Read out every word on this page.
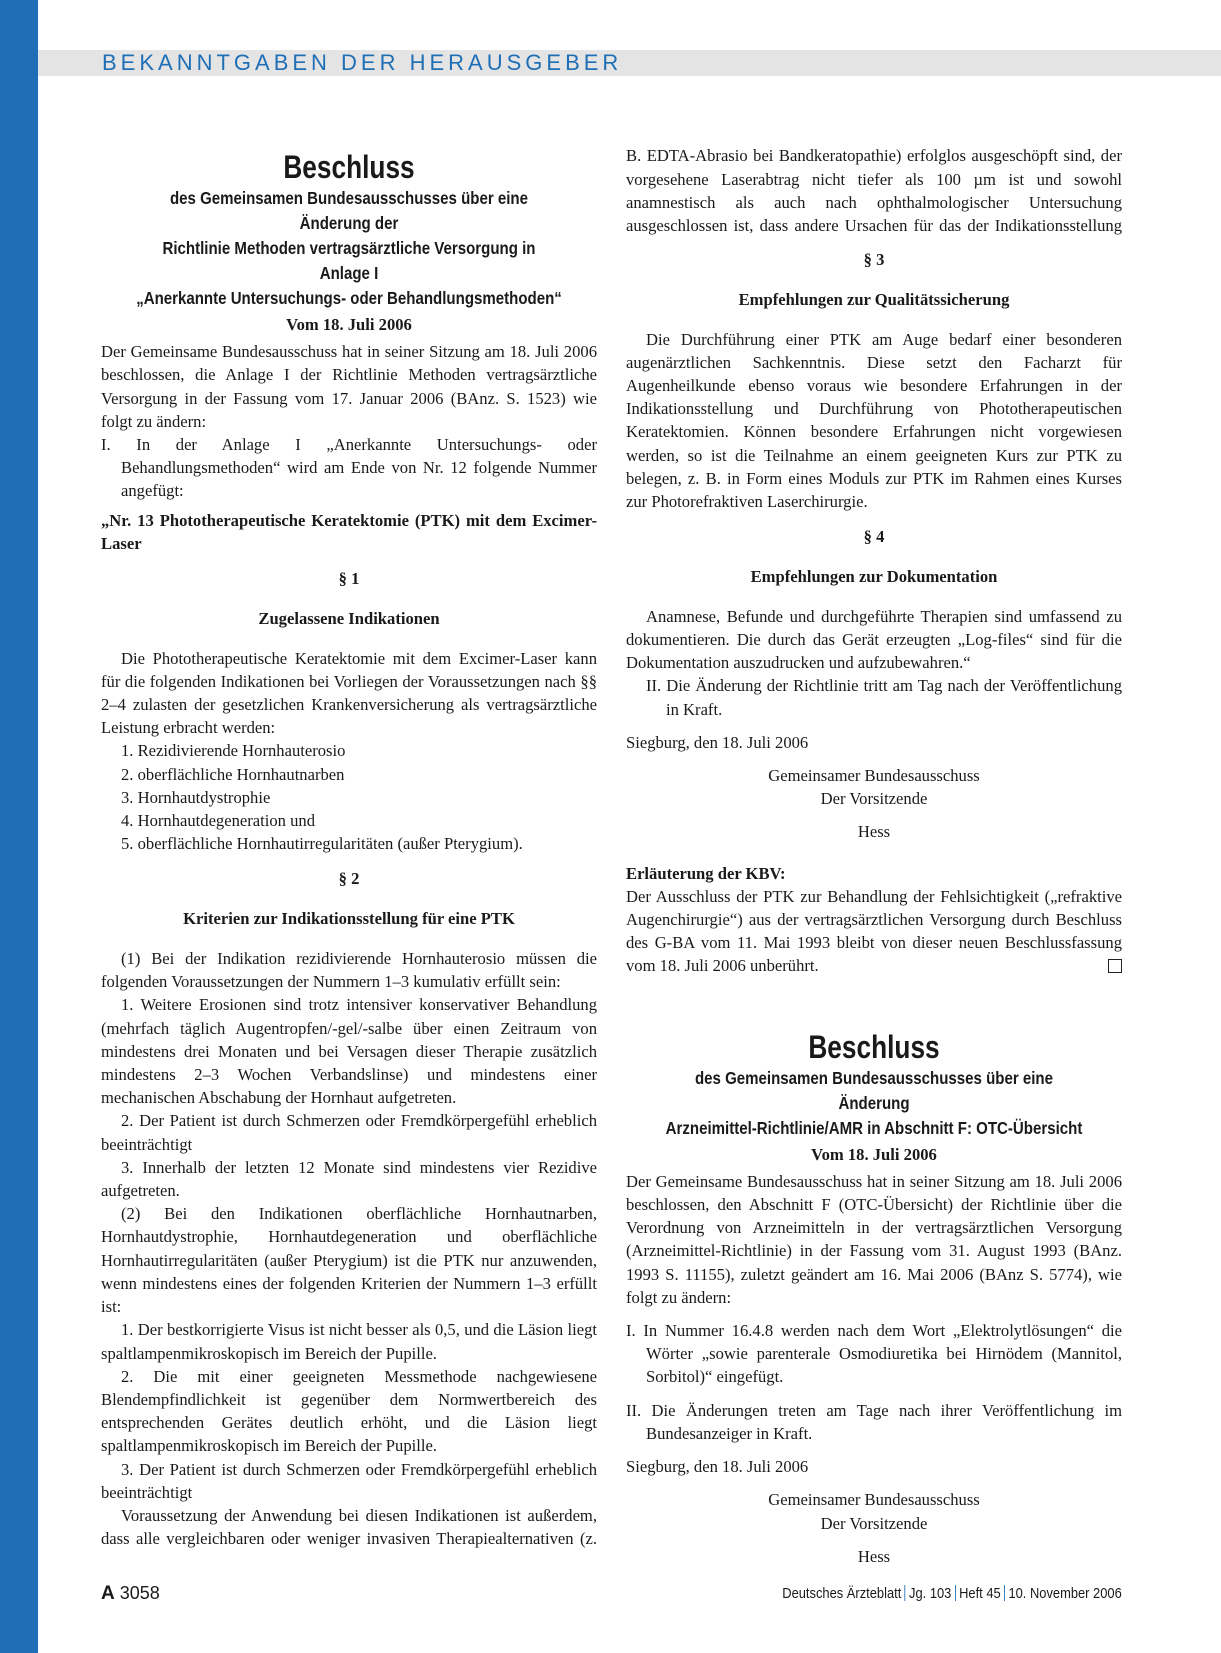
BEKANNTGABEN DER HERAUSGEBER

Beschluss

des Gemeinsamen Bundesausschusses über eine Änderung der

Richtlinie Methoden vertragsärztliche Versorgung in Anlage I

„Anerkannte Untersuchungs- oder Behandlungsmethoden“

Vom 18. Juli 2006

Der Gemeinsame Bundesausschuss hat in seiner Sitzung am 18. Juli 2006 beschlossen, die Anlage I der Richtlinie Methoden vertragsärztliche Versorgung in der Fassung vom 17. Januar 2006 (BAnz. S. 1523) wie folgt zu ändern:

I. In der Anlage I „Anerkannte Untersuchungs- oder Behandlungsmethoden“ wird am Ende von Nr. 12 folgende Nummer angefügt:

„Nr. 13 Phototherapeutische Keratektomie (PTK) mit dem Excimer-Laser

§ 1

Zugelassene Indikationen

Die Phototherapeutische Keratektomie mit dem Excimer-Laser kann für die folgenden Indikationen bei Vorliegen der Voraussetzungen nach §§ 2–4 zulasten der gesetzlichen Krankenversicherung als vertragsärztliche Leistung erbracht werden:

1. Rezidivierende Hornhauterosio

2. oberflächliche Hornhautnarben

3. Hornhautdystrophie

4. Hornhautdegeneration und

5. oberflächliche Hornhautirregularitäten (außer Pterygium).

§ 2

Kriterien zur Indikationsstellung für eine PTK

(1) Bei der Indikation rezidivierende Hornhauterosio müssen die folgenden Voraussetzungen der Nummern 1–3 kumulativ erfüllt sein:

1. Weitere Erosionen sind trotz intensiver konservativer Behandlung (mehrfach täglich Augentropfen/-gel/-salbe über einen Zeitraum von mindestens drei Monaten und bei Versagen dieser Therapie zusätzlich mindestens 2–3 Wochen Verbandslinse) und mindestens einer mechanischen Abschabung der Hornhaut aufgetreten.

2. Der Patient ist durch Schmerzen oder Fremdkörpergefühl erheblich beeinträchtigt

3. Innerhalb der letzten 12 Monate sind mindestens vier Rezidive aufgetreten.

(2) Bei den Indikationen oberflächliche Hornhautnarben, Hornhautdystrophie, Hornhautdegeneration und oberflächliche Hornhautirregularitäten (außer Pterygium) ist die PTK nur anzuwenden, wenn mindestens eines der folgenden Kriterien der Nummern 1–3 erfüllt ist:

1. Der bestkorrigierte Visus ist nicht besser als 0,5, und die Läsion liegt spaltlampenmikroskopisch im Bereich der Pupille.

2. Die mit einer geeigneten Messmethode nachgewiesene Blendempfindlichkeit ist gegenüber dem Normwertbereich des entsprechenden Gerätes deutlich erhöht, und die Läsion liegt spaltlampenmikroskopisch im Bereich der Pupille.

3. Der Patient ist durch Schmerzen oder Fremdkörpergefühl erheblich beeinträchtigt

Voraussetzung der Anwendung bei diesen Indikationen ist außerdem, dass alle vergleichbaren oder weniger invasiven Therapiealternativen (z.

B. EDTA-Abrasio bei Bandkeratopathie) erfolglos ausgeschöpft sind, der vorgesehene Laserabtrag nicht tiefer als 100 µm ist und sowohl anamnestisch als auch nach ophthalmologischer Untersuchung ausgeschlossen ist, dass andere Ursachen für das der Indikationsstellung

§ 3

Empfehlungen zur Qualitätssicherung

Die Durchführung einer PTK am Auge bedarf einer besonderen augenärztlichen Sachkenntnis. Diese setzt den Facharzt für Augenheilkunde ebenso voraus wie besondere Erfahrungen in der Indikationsstellung und Durchführung von Phototherapeutischen Keratektomien. Können besondere Erfahrungen nicht vorgewiesen werden, so ist die Teilnahme an einem geeigneten Kurs zur PTK zu belegen, z. B. in Form eines Moduls zur PTK im Rahmen eines Kurses zur Photorefraktiven Laserchirurgie.

§ 4

Empfehlungen zur Dokumentation

Anamnese, Befunde und durchgeführte Therapien sind umfassend zu dokumentieren. Die durch das Gerät erzeugten „Log-files“ sind für die Dokumentation auszudrucken und aufzubewahren.“

II. Die Änderung der Richtlinie tritt am Tag nach der Veröffentlichung in Kraft.

Siegburg, den 18. Juli 2006

Gemeinsamer Bundesausschuss

Der Vorsitzende

Hess

Erläuterung der KBV:

Der Ausschluss der PTK zur Behandlung der Fehlsichtigkeit („refraktive Augenchirurgie“) aus der vertragsärztlichen Versorgung durch Beschluss des G-BA vom 11. Mai 1993 bleibt von dieser neuen Beschlussfassung vom 18. Juli 2006 unberührt.

Beschluss

des Gemeinsamen Bundesausschusses über eine Änderung

Arzneimittel-Richtlinie/AMR in Abschnitt F: OTC-Übersicht

Vom 18. Juli 2006

Der Gemeinsame Bundesausschuss hat in seiner Sitzung am 18. Juli 2006 beschlossen, den Abschnitt F (OTC-Übersicht) der Richtlinie über die Verordnung von Arzneimitteln in der vertragsärztlichen Versorgung (Arzneimittel-Richtlinie) in der Fassung vom 31. August 1993 (BAnz. 1993 S. 11155), zuletzt geändert am 16. Mai 2006 (BAnz S. 5774), wie folgt zu ändern:

I. In Nummer 16.4.8 werden nach dem Wort „Elektrolytlösungen“ die Wörter „sowie parenterale Osmodiuretika bei Hirnödem (Mannitol, Sorbitol)“ eingefügt.

II. Die Änderungen treten am Tage nach ihrer Veröffentlichung im Bundesanzeiger in Kraft.

Siegburg, den 18. Juli 2006

Gemeinsamer Bundesausschuss

Der Vorsitzende

Hess

A 3058	Deutsches Ärzteblatt Jg. 103 Heft 45 10. November 2006
